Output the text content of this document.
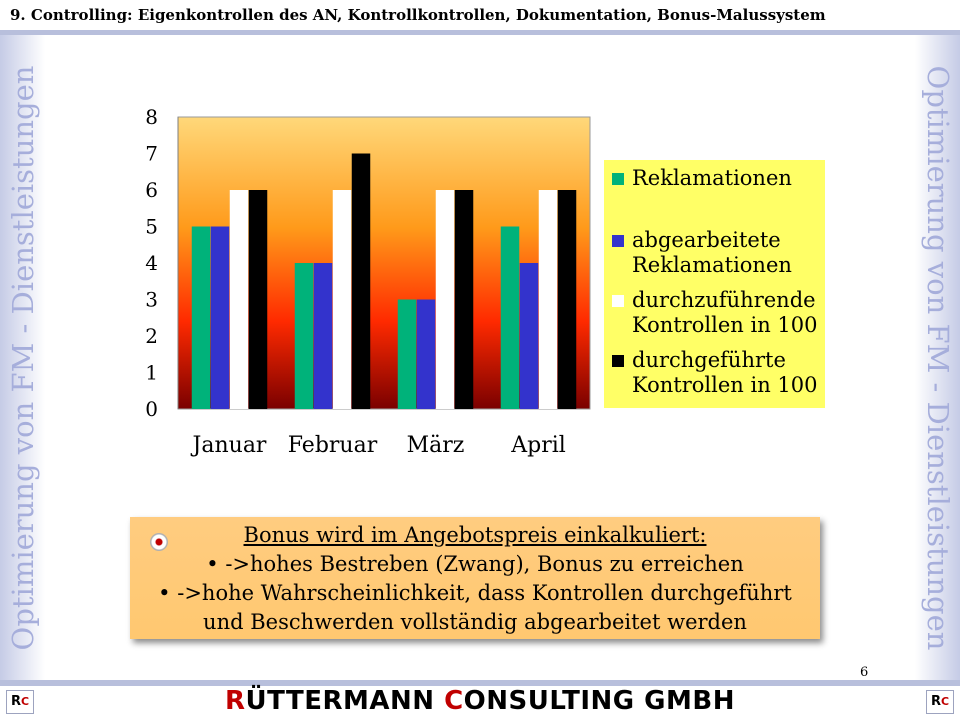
9. Controlling: Eigenkontrollen des AN, Kontrollkontrollen, Dokumentation, Bonus-Malussystem
Optimierung von FM - Dienstleistungen	Optimierung von FM - Dienstleistungen
0
1
2
3
4
5
6
7
8
Januar Februar März April
Reklamationen
abgearbeitete
Reklamationen
durchzuführende
Kontrollen in 100
durchgeführte
Kontrollen in 100
Bonus wird im Angebotspreis einkalkuliert:
• ->hohes Bestreben (Zwang), Bonus zu erreichen
• ->hohe Wahrscheinlichkeit, dass Kontrollen durchgeführt
und Beschwerden vollständig abgearbeitet werden
6
RC	RC
RÜTTERMANN CONSULTING GMBH
